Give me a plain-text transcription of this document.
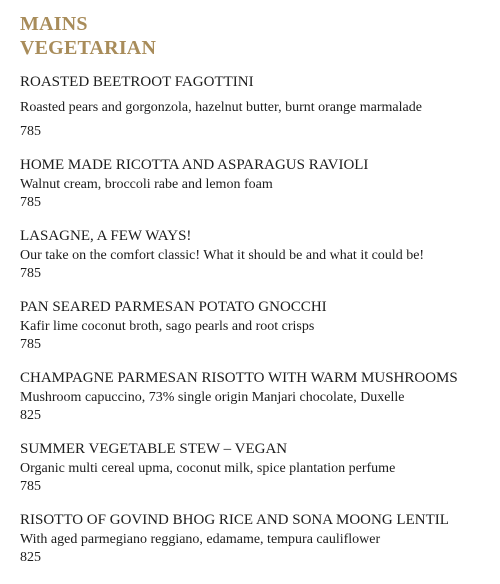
MAINS

VEGETARIAN

ROASTED BEETROOT FAGOTTINI
Roasted pears and gorgonzola, hazelnut butter, burnt orange marmalade
785
HOME MADE RICOTTA AND ASPARAGUS RAVIOLI
Walnut cream, broccoli rabe and lemon foam
785
LASAGNE, A FEW WAYS!
Our take on the comfort classic! What it should be and what it could be!
785
PAN SEARED PARMESAN POTATO GNOCCHI
Kafir lime coconut broth, sago pearls and root crisps
785
CHAMPAGNE PARMESAN RISOTTO WITH WARM MUSHROOMS
Mushroom capuccino, 73% single origin Manjari chocolate, Duxelle
825
SUMMER VEGETABLE STEW – VEGAN
Organic multi cereal upma, coconut milk, spice plantation perfume
785
RISOTTO OF GOVIND BHOG RICE AND SONA MOONG LENTIL
With aged parmegiano reggiano, edamame, tempura cauliflower
825
